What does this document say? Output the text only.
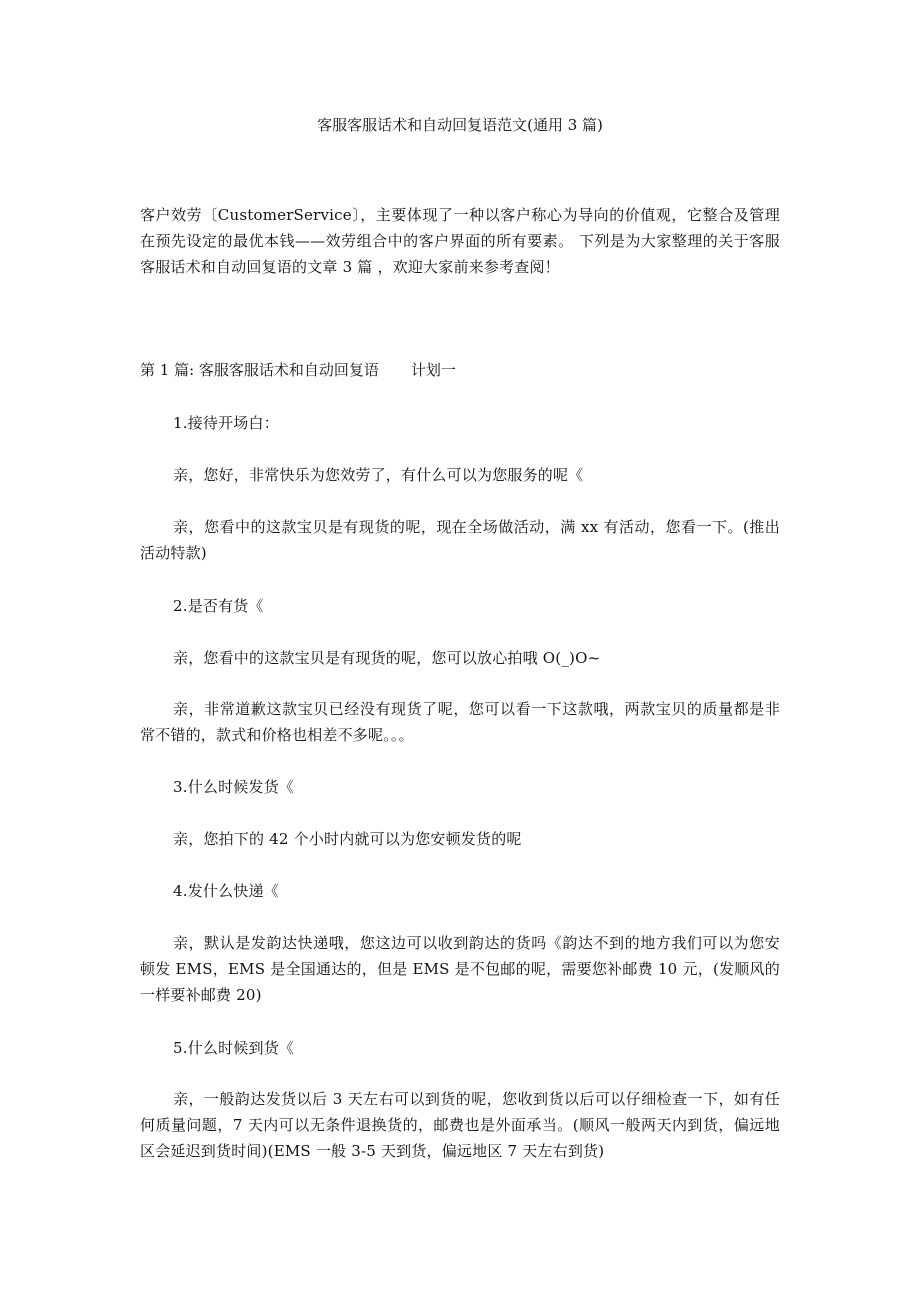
客服客服话术和自动回复语范文(通用 3 篇)

客户效劳〔CustomerService〕，主要体现了一种以客户称心为导向的价值观，它整合及管理在预先设定的最优本钱——效劳组合中的客户界面的所有要素。 下列是为大家整理的关于客服客服话术和自动回复语的文章 3 篇 ，欢迎大家前来参考查阅！

第 1 篇: 客服客服话术和自动回复语 计划一

1.接待开场白：

亲，您好，非常快乐为您效劳了，有什么可以为您服务的呢《

亲，您看中的这款宝贝是有现货的呢，现在全场做活动，满 xx 有活动，您看一下。(推出活动特款)

2.是否有货《

亲，您看中的这款宝贝是有现货的呢，您可以放心拍哦 O(_)O~

亲，非常道歉这款宝贝已经没有现货了呢，您可以看一下这款哦，两款宝贝的质量都是非常不错的，款式和价格也相差不多呢。。。

3.什么时候发货《

亲，您拍下的 42 个小时内就可以为您安顿发货的呢

4.发什么快递《

亲，默认是发韵达快递哦，您这边可以收到韵达的货吗《韵达不到的地方我们可以为您安顿发 EMS，EMS 是全国通达的，但是 EMS 是不包邮的呢，需要您补邮费 10 元，(发顺风的一样要补邮费 20)

5.什么时候到货《

亲，一般韵达发货以后 3 天左右可以到货的呢，您收到货以后可以仔细检查一下，如有任何质量问题，7 天内可以无条件退换货的，邮费也是外面承当。(顺风一般两天内到货，偏远地区会延迟到货时间)(EMS 一般 3-5 天到货，偏远地区 7 天左右到货)
